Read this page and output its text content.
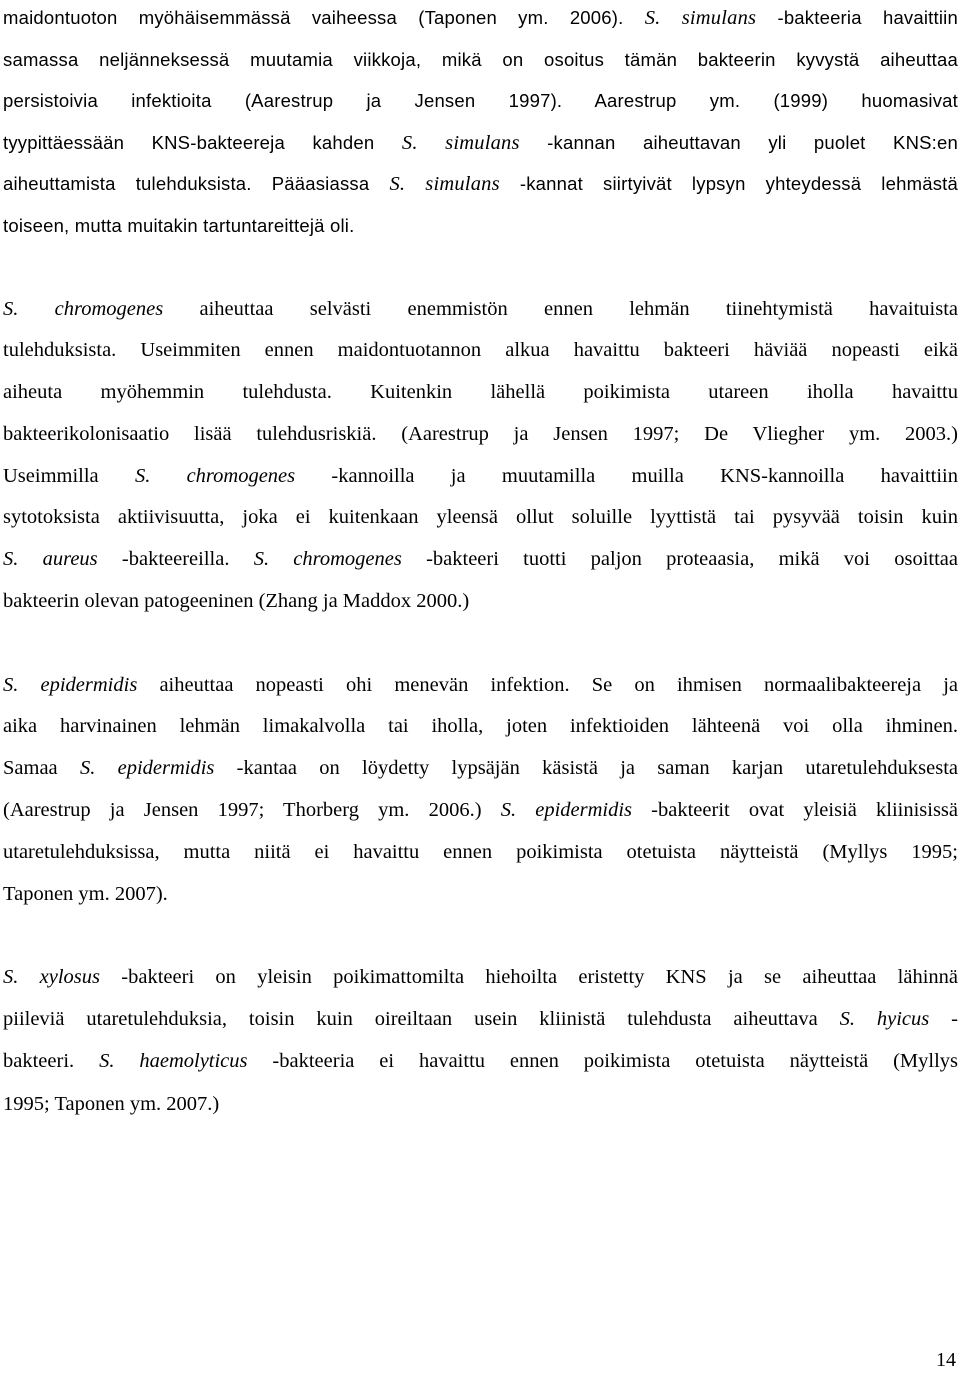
14
maidontuoton myöhäisemmässä vaiheessa (Taponen ym. 2006). S. simulans -bakteeria havaittiin
samassa neljänneksessä muutamia viikkoja, mikä on osoitus tämän bakteerin kyvystä aiheuttaa
persistoivia infektioita (Aarestrup ja Jensen 1997). Aarestrup ym. (1999) huomasivat
tyypittäessään KNS-bakteereja kahden S. simulans -kannan aiheuttavan yli puolet KNS:en
aiheuttamista tulehduksista. Pääasiassa S. simulans -kannat siirtyivät lypsyn yhteydessä lehmästä
toiseen, mutta muitakin tartuntareittejä oli.
S. chromogenes aiheuttaa selvästi enemmistön ennen lehmän tiinehtymistä havaituista
tulehduksista. Useimmiten ennen maidontuotannon alkua havaittu bakteeri häviää nopeasti eikä
aiheuta myöhemmin tulehdusta. Kuitenkin lähellä poikimista utareen iholla havaittu
bakteerikolonisaatio lisää tulehdusriskiä. (Aarestrup ja Jensen 1997; De Vliegher ym. 2003.)
Useimmilla S. chromogenes -kannoilla ja muutamilla muilla KNS-kannoilla havaittiin
sytotoksista aktiivisuutta, joka ei kuitenkaan yleensä ollut soluille lyyttistä tai pysyvää toisin kuin
S. aureus -bakteereilla. S. chromogenes -bakteeri tuotti paljon proteaasia, mikä voi osoittaa
bakteerin olevan patogeeninen (Zhang ja Maddox 2000.)
S. epidermidis aiheuttaa nopeasti ohi menevän infektion. Se on ihmisen normaalibakteereja ja
aika harvinainen lehmän limakalvolla tai iholla, joten infektioiden lähteenä voi olla ihminen.
Samaa S. epidermidis -kantaa on löydetty lypsäjän käsistä ja saman karjan utaretulehduksesta
(Aarestrup ja Jensen 1997; Thorberg ym. 2006.) S. epidermidis -bakteerit ovat yleisiä kliinisissä
utaretulehduksissa, mutta niitä ei havaittu ennen poikimista otetuista näytteistä (Myllys 1995;
Taponen ym. 2007).
S. xylosus -bakteeri on yleisin poikimattomilta hiehoilta eristetty KNS ja se aiheuttaa lähinnä
piileviä utaretulehduksia, toisin kuin oireiltaan usein kliinistä tulehdusta aiheuttava S. hyicus -
bakteeri. S. haemolyticus -bakteeria ei havaittu ennen poikimista otetuista näytteistä (Myllys
1995; Taponen ym. 2007.)
